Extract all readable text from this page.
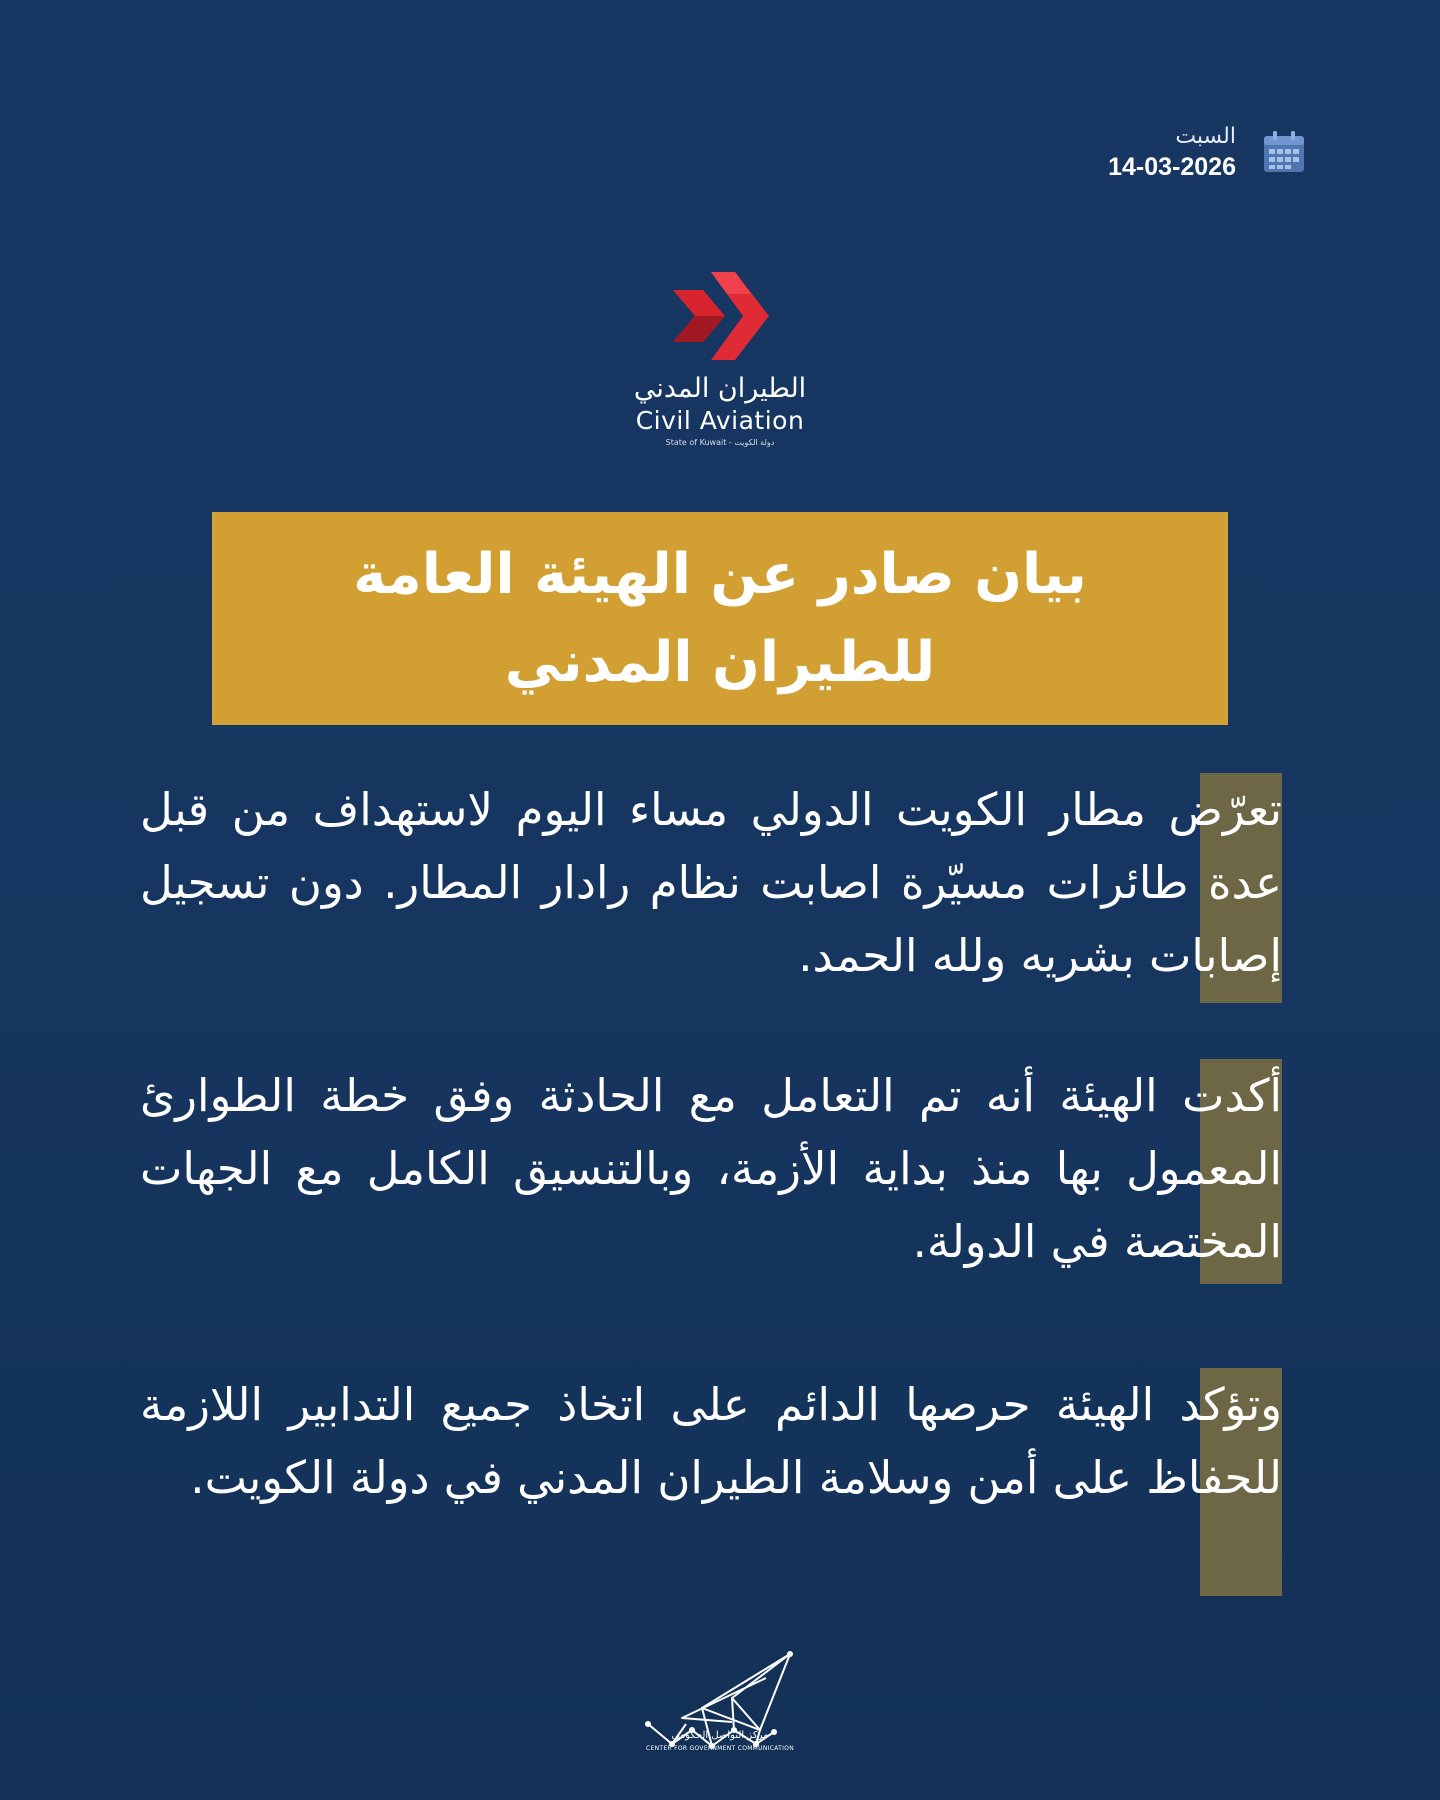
السبت
14-03-2026
الطيران المدني
Civil Aviation
State of Kuwait - دولة الكويت
بيان صادر عن الهيئة العامة للطيران المدني
تعرّض مطار الكويت الدولي مساء اليوم لاستهداف من قبل عدة طائرات مسيّرة اصابت نظام رادار المطار. دون تسجيل إصابات بشريه ولله الحمد.
أكدت الهيئة أنه تم التعامل مع الحادثة وفق خطة الطوارئ المعمول بها منذ بداية الأزمة، وبالتنسيق الكامل مع الجهات المختصة في الدولة.
وتؤكد الهيئة حرصها الدائم على اتخاذ جميع التدابير اللازمة للحفاظ على أمن وسلامة الطيران المدني في دولة الكويت.
مركز التواصل الحكومي
CENTER FOR GOVERNMENT COMMUNICATION
